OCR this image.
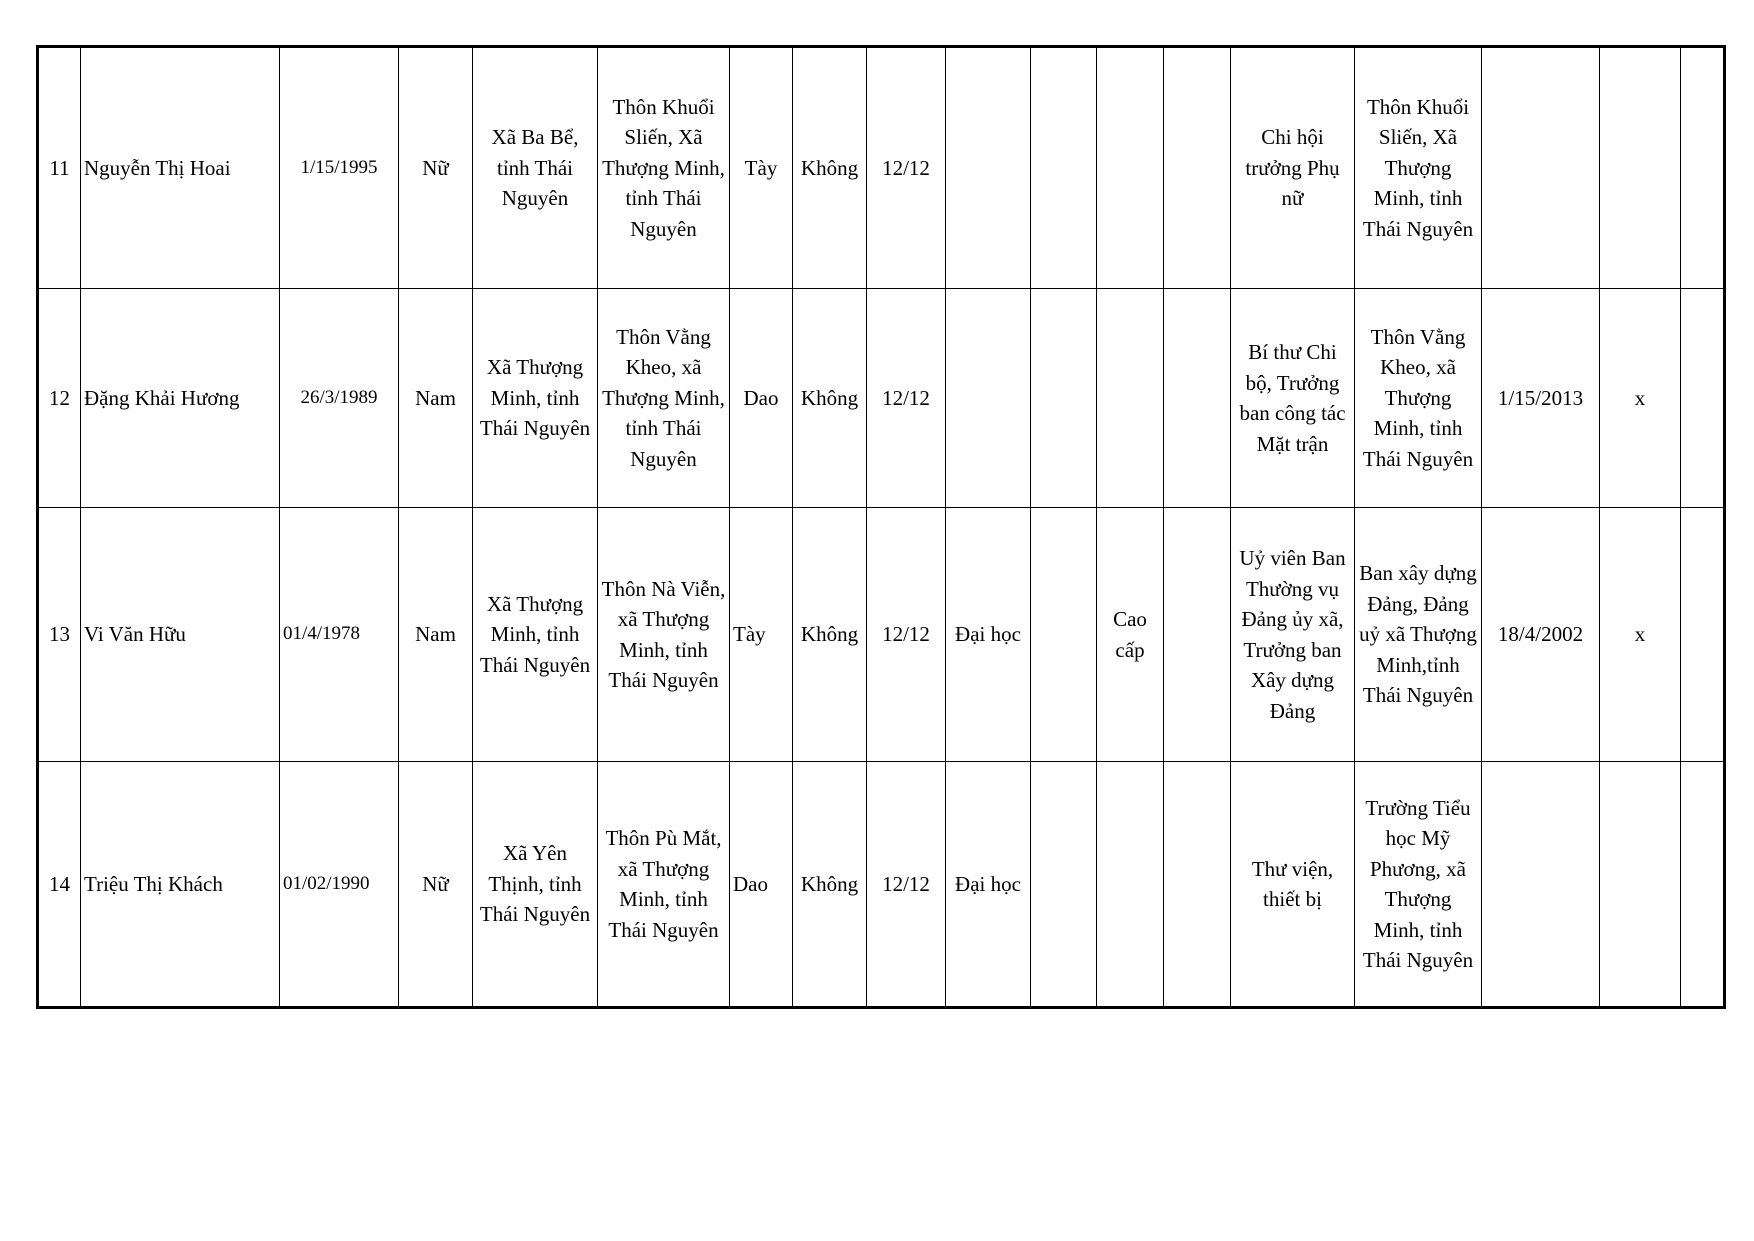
11	Nguyễn Thị Hoai	1/15/1995	Nữ	Xã Ba Bể, tỉnh Thái Nguyên	Thôn Khuổi Sliến, Xã Thượng Minh, tỉnh Thái Nguyên	Tày	Không	12/12					Chi hội trưởng Phụ nữ	Thôn Khuổi Sliến, Xã Thượng Minh, tỉnh Thái Nguyên			
12	Đặng Khải Hương	26/3/1989	Nam	Xã Thượng Minh, tỉnh Thái Nguyên	Thôn Vằng Kheo, xã Thượng Minh, tỉnh Thái Nguyên	Dao	Không	12/12					Bí thư Chi bộ, Trưởng ban công tác Mặt trận	Thôn Vằng Kheo, xã Thượng Minh, tỉnh Thái Nguyên	1/15/2013	x	
13	Vi Văn Hữu	01/4/1978	Nam	Xã Thượng Minh, tỉnh Thái Nguyên	Thôn Nà Viễn, xã Thượng Minh, tỉnh Thái Nguyên	Tày	Không	12/12	Đại học		Cao cấp		Uỷ viên Ban Thường vụ Đảng ủy xã, Trưởng ban Xây dựng Đảng	Ban xây dựng Đảng, Đảng uỷ xã Thượng Minh,tỉnh Thái Nguyên	18/4/2002	x	
14	Triệu Thị Khách	01/02/1990	Nữ	Xã Yên Thịnh, tỉnh Thái Nguyên	Thôn Pù Mắt, xã Thượng Minh, tỉnh Thái Nguyên	Dao	Không	12/12	Đại học				Thư viện, thiết bị	Trường Tiểu học Mỹ Phương, xã Thượng Minh, tỉnh Thái Nguyên			
